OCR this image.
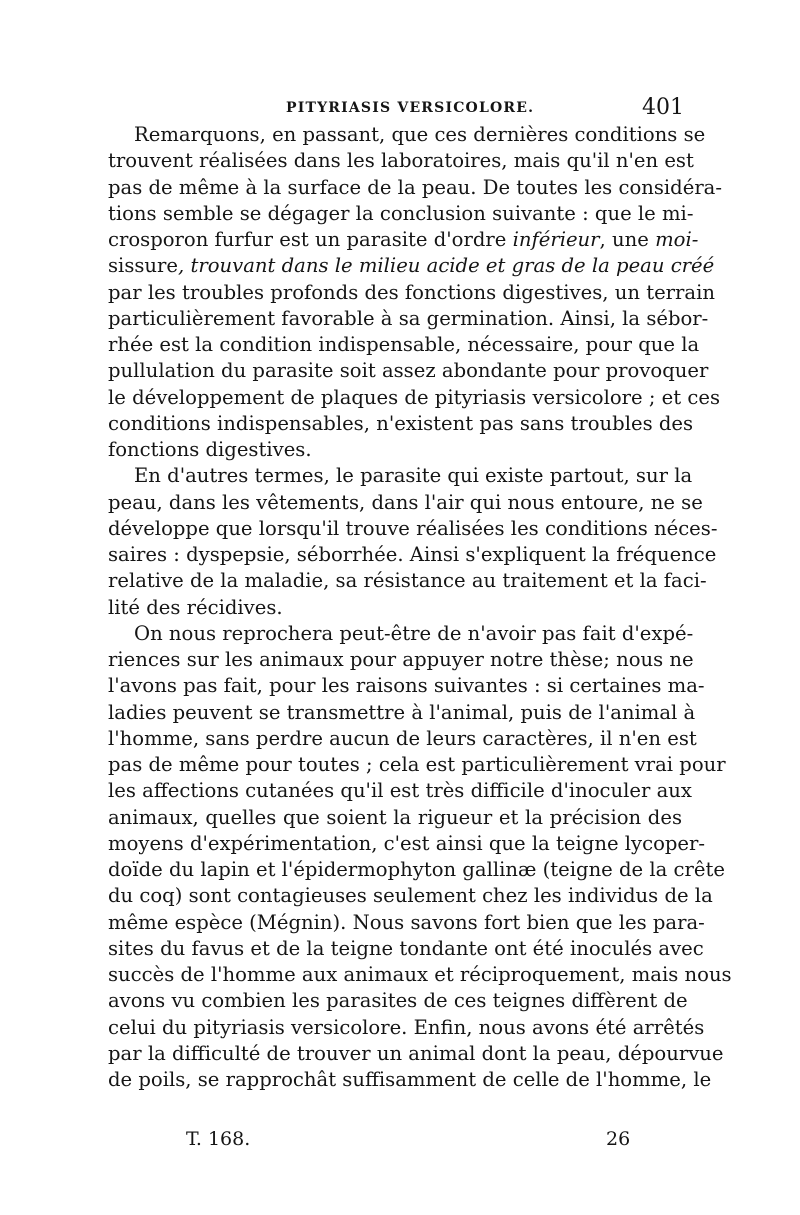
PITYRIASIS VERSICOLORE.	401
Remarquons, en passant, que ces dernières conditions se
trouvent réalisées dans les laboratoires, mais qu'il n'en est
pas de même à la surface de la peau. De toutes les considéra-
tions semble se dégager la conclusion suivante : que le mi-
crosporon furfur est un parasite d'ordre inférieur, une moi-
sissure, trouvant dans le milieu acide et gras de la peau créé
par les troubles profonds des fonctions digestives, un terrain
particulièrement favorable à sa germination. Ainsi, la sébor-
rhée est la condition indispensable, nécessaire, pour que la
pullulation du parasite soit assez abondante pour provoquer
le développement de plaques de pityriasis versicolore ; et ces
conditions indispensables, n'existent pas sans troubles des
fonctions digestives.
En d'autres termes, le parasite qui existe partout, sur la
peau, dans les vêtements, dans l'air qui nous entoure, ne se
développe que lorsqu'il trouve réalisées les conditions néces-
saires : dyspepsie, séborrhée. Ainsi s'expliquent la fréquence
relative de la maladie, sa résistance au traitement et la faci-
lité des récidives.
On nous reprochera peut-être de n'avoir pas fait d'expé-
riences sur les animaux pour appuyer notre thèse; nous ne
l'avons pas fait, pour les raisons suivantes : si certaines ma-
ladies peuvent se transmettre à l'animal, puis de l'animal à
l'homme, sans perdre aucun de leurs caractères, il n'en est
pas de même pour toutes ; cela est particulièrement vrai pour
les affections cutanées qu'il est très difficile d'inoculer aux
animaux, quelles que soient la rigueur et la précision des
moyens d'expérimentation, c'est ainsi que la teigne lycoper-
doïde du lapin et l'épidermophyton gallinæ (teigne de la crête
du coq) sont contagieuses seulement chez les individus de la
même espèce (Mégnin). Nous savons fort bien que les para-
sites du favus et de la teigne tondante ont été inoculés avec
succès de l'homme aux animaux et réciproquement, mais nous
avons vu combien les parasites de ces teignes diffèrent de
celui du pityriasis versicolore. Enfin, nous avons été arrêtés
par la difficulté de trouver un animal dont la peau, dépourvue
de poils, se rapprochât suffisamment de celle de l'homme, le
T. 168.	26
